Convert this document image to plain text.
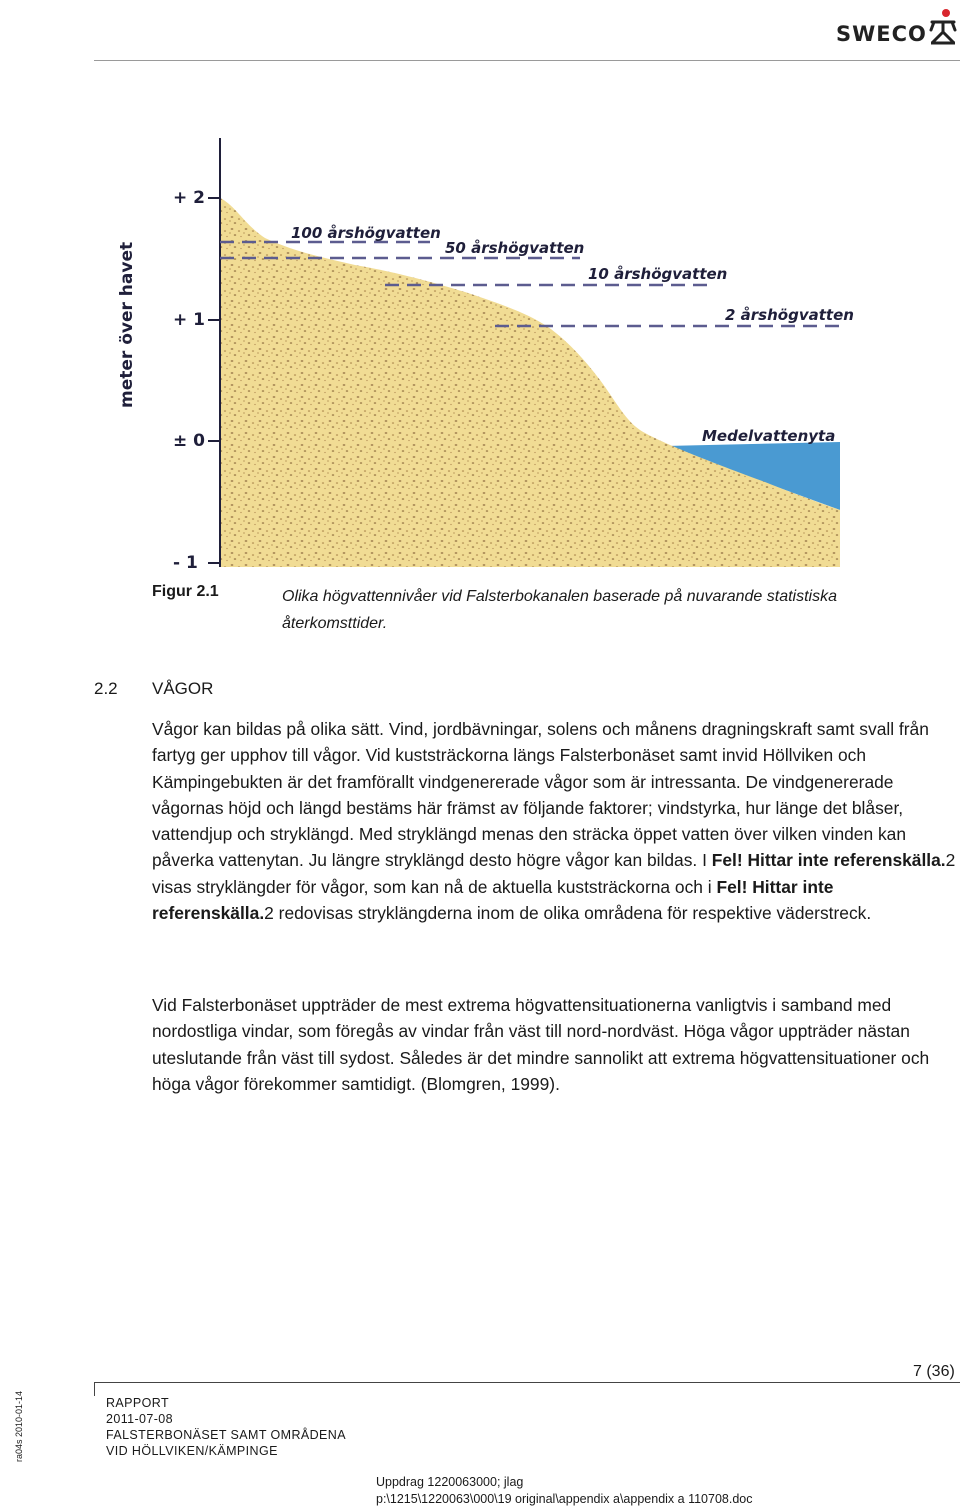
SWECO
+ 2
+ 1
± 0
- 1
meter över havet
100 årshögvatten
50 årshögvatten
10 årshögvatten
2 årshögvatten
Medelvattenyta
Figur 2.1	Olika högvattennivåer vid Falsterbokanalen baserade på nuvarande statistiska återkomsttider.
2.2 VÅGOR

Vågor kan bildas på olika sätt. Vind, jordbävningar, solens och månens dragningskraft samt svall från fartyg ger upphov till vågor. Vid kuststräckorna längs Falsterbonäset samt invid Höllviken och Kämpingebukten är det framförallt vindgenererade vågor som är intressanta. De vindgenererade vågornas höjd och längd bestäms här främst av följande faktorer; vindstyrka, hur länge det blåser, vattendjup och stryklängd. Med stryklängd menas den sträcka öppet vatten över vilken vinden kan påverka vattenytan. Ju längre stryklängd desto högre vågor kan bildas. I Fel! Hittar inte referenskälla.2 visas stryklängder för vågor, som kan nå de aktuella kuststräckorna och i Fel! Hittar inte referenskälla.2 redovisas stryklängderna inom de olika områdena för respektive väderstreck.

Vid Falsterbonäset uppträder de mest extrema högvattensituationerna vanligtvis i samband med nordostliga vindar, som föregås av vindar från väst till nord-nordväst. Höga vågor uppträder nästan uteslutande från väst till sydost. Således är det mindre sannolikt att extrema högvattensituationer och höga vågor förekommer samtidigt. (Blomgren, 1999).

7 (36)
ra04s 2010-01-14	RAPPORT
2011-07-08
FALSTERBONÄSET SAMT OMRÅDENA
VID HÖLLVIKEN/KÄMPINGE
Uppdrag 1220063000; jlag
p:\1215\1220063\000\19 original\appendix a\appendix a 110708.doc
